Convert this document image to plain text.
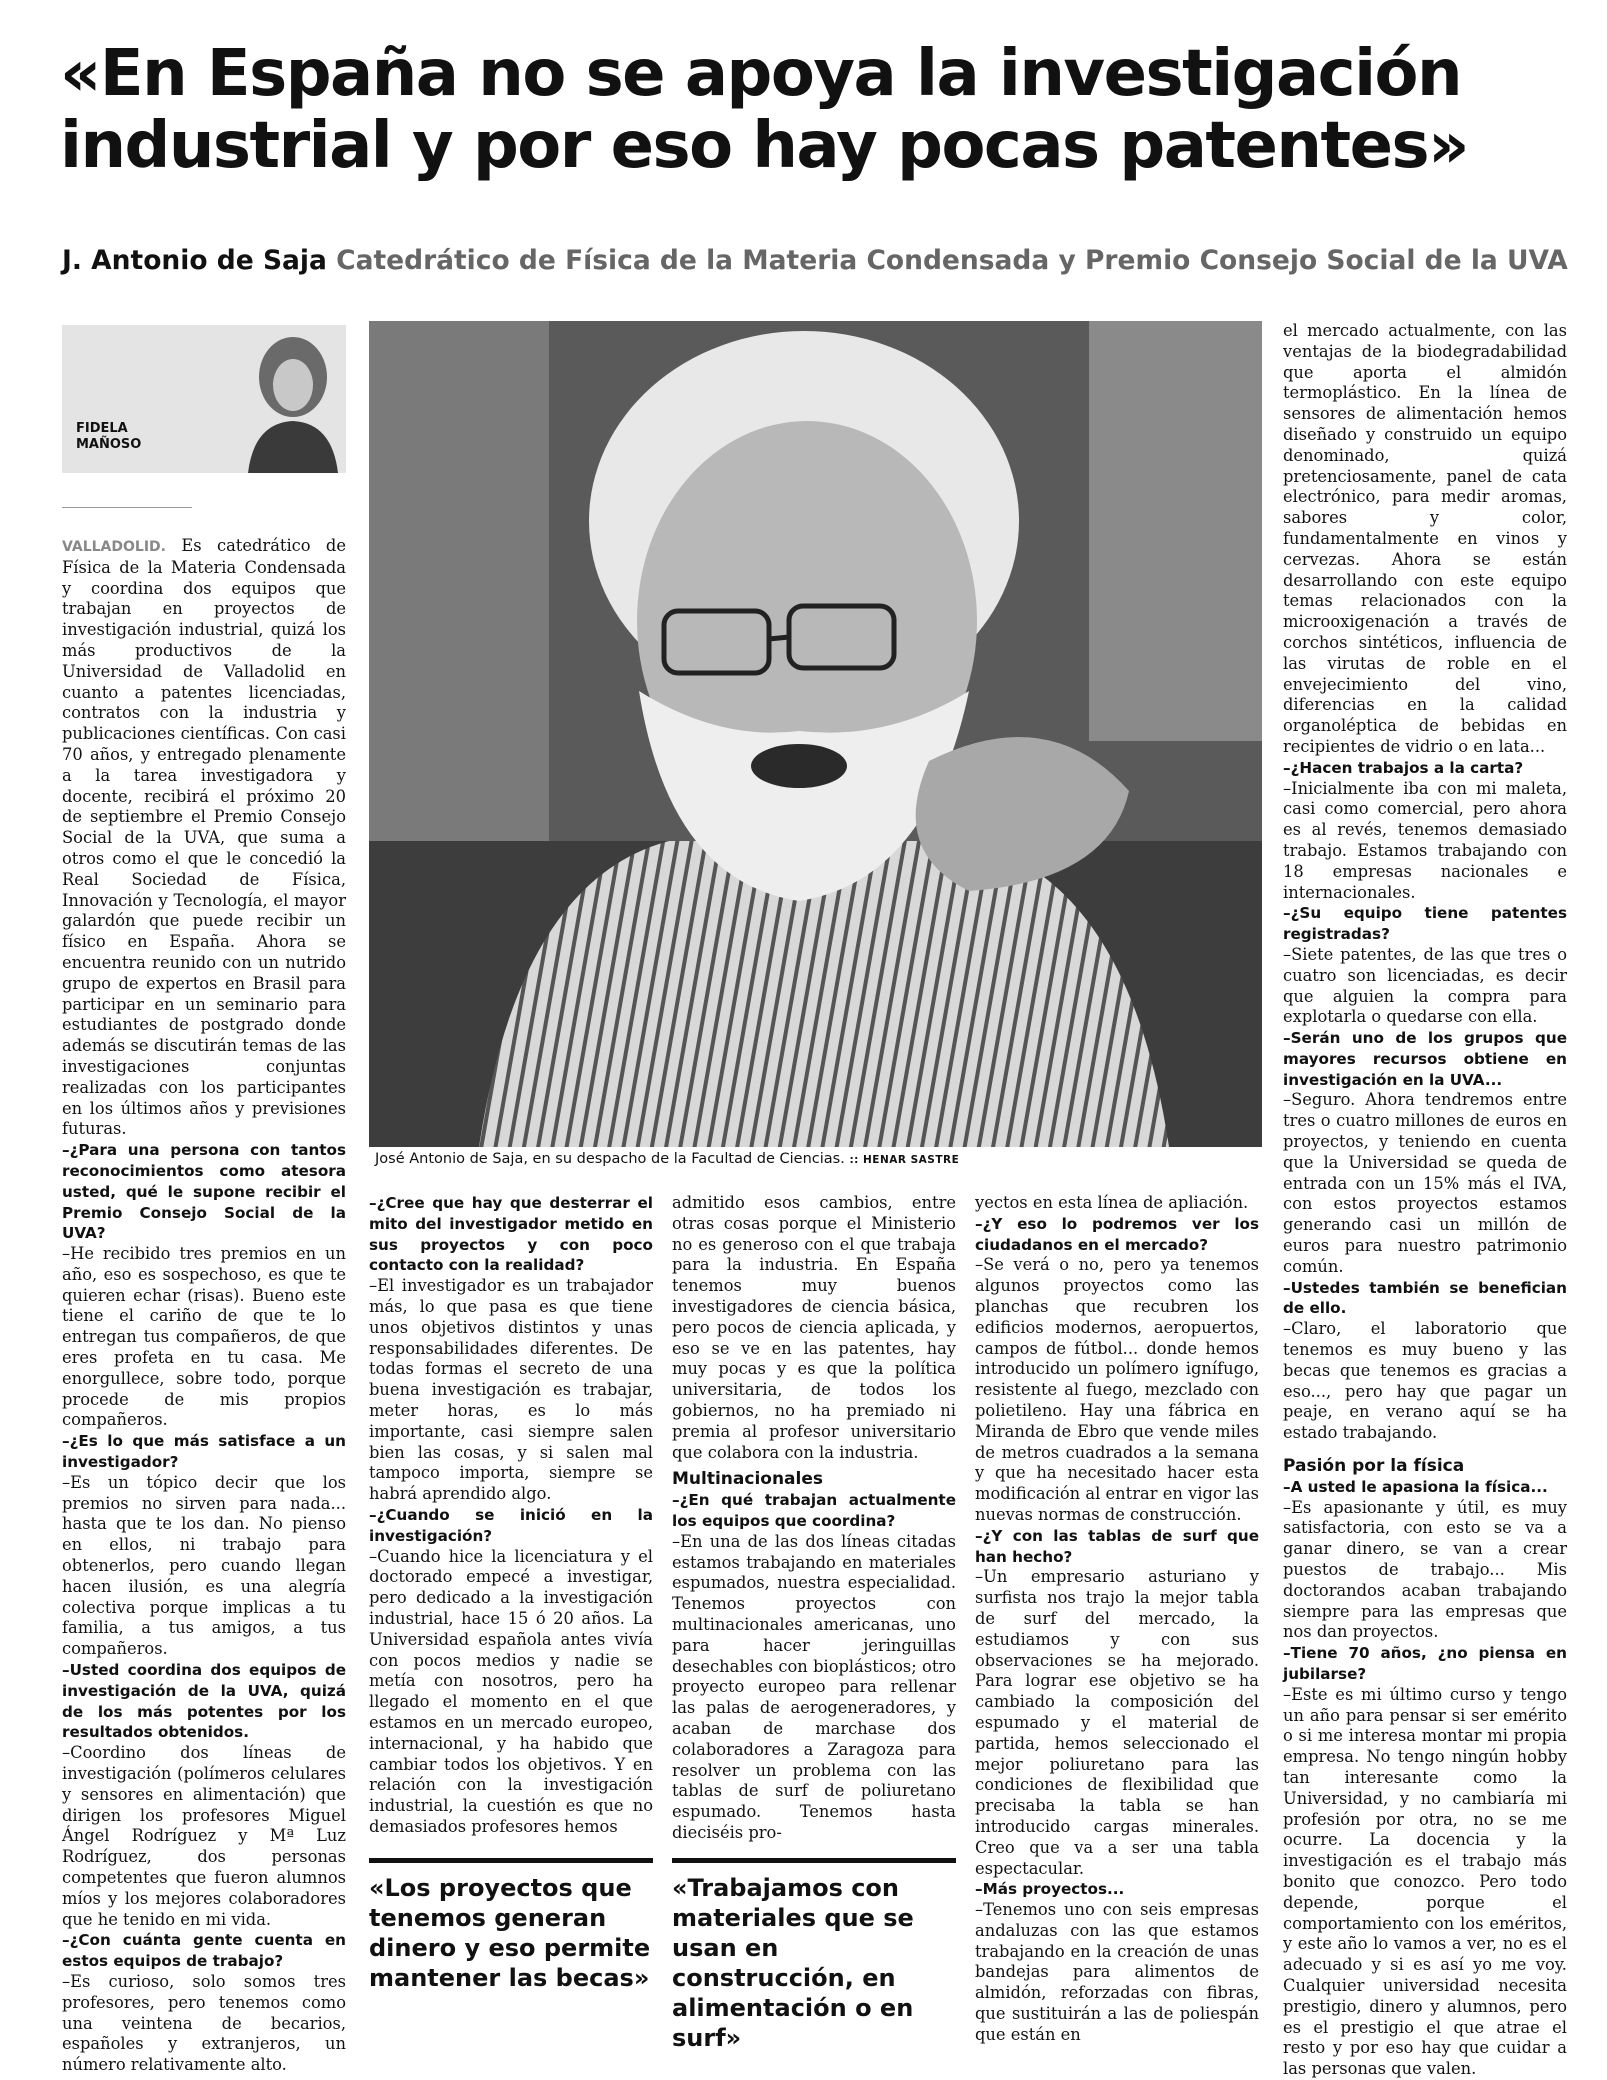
«En España no se apoya la investigación industrial y por eso hay pocas patentes»
J. Antonio de Saja Catedrático de Física de la Materia Condensada y Premio Consejo Social de la UVA
FIDELA MAÑOSO
José Antonio de Saja, en su despacho de la Facultad de Ciencias. :: HENAR SASTRE

VALLADOLID. Es catedrático de Física de la Materia Condensada y coordina dos equipos que trabajan en proyectos de investigación industrial, quizá los más productivos de la Universidad de Valladolid en cuanto a patentes licenciadas, contratos con la industria y publicaciones científicas. Con casi 70 años, y entregado plenamente a la tarea investigadora y docente, recibirá el próximo 20 de septiembre el Premio Consejo Social de la UVA, que suma a otros como el que le concedió la Real Sociedad de Física, Innovación y Tecnología, el mayor galardón que puede recibir un físico en España. Ahora se encuentra reunido con un nutrido grupo de expertos en Brasil para participar en un seminario para estudiantes de postgrado donde además se discutirán temas de las investigaciones conjuntas realizadas con los participantes en los últimos años y previsiones futuras.

–¿Para una persona con tantos reconocimientos como atesora usted, qué le supone recibir el Premio Consejo Social de la UVA?

–He recibido tres premios en un año, eso es sospechoso, es que te quieren echar (risas). Bueno este tiene el cariño de que te lo entregan tus compañeros, de que eres profeta en tu casa. Me enorgullece, sobre todo, porque procede de mis propios compañeros.

–¿Es lo que más satisface a un investigador?

–Es un tópico decir que los premios no sirven para nada... hasta que te los dan. No pienso en ellos, ni trabajo para obtenerlos, pero cuando llegan hacen ilusión, es una alegría colectiva porque implicas a tu familia, a tus amigos, a tus compañeros.

–Usted coordina dos equipos de investigación de la UVA, quizá de los más potentes por los resultados obtenidos.

–Coordino dos líneas de investigación (polímeros celulares y sensores en alimentación) que dirigen los profesores Miguel Ángel Rodríguez y Mª Luz Rodríguez, dos personas competentes que fueron alumnos míos y los mejores colaboradores que he tenido en mi vida.

–¿Con cuánta gente cuenta en estos equipos de trabajo?

–Es curioso, solo somos tres profesores, pero tenemos como una veintena de becarios, españoles y extranjeros, un número relativamente alto.

–¿Cree que hay que desterrar el mito del investigador metido en sus proyectos y con poco contacto con la realidad?

–El investigador es un trabajador más, lo que pasa es que tiene unos objetivos distintos y unas responsabilidades diferentes. De todas formas el secreto de una buena investigación es trabajar, meter horas, es lo más importante, casi siempre salen bien las cosas, y si salen mal tampoco importa, siempre se habrá aprendido algo.

–¿Cuando se inició en la investigación?

–Cuando hice la licenciatura y el doctorado empecé a investigar, pero dedicado a la investigación industrial, hace 15 ó 20 años. La Universidad española antes vivía con pocos medios y nadie se metía con nosotros, pero ha llegado el momento en el que estamos en un mercado europeo, internacional, y ha habido que cambiar todos los objetivos. Y en relación con la investigación industrial, la cuestión es que no demasiados profesores hemos

«Los proyectos que tenemos generan dinero y eso permite mantener las becas»

admitido esos cambios, entre otras cosas porque el Ministerio no es generoso con el que trabaja para la industria. En España tenemos muy buenos investigadores de ciencia básica, pero pocos de ciencia aplicada, y eso se ve en las patentes, hay muy pocas y es que la política universitaria, de todos los gobiernos, no ha premiado ni premia al profesor universitario que colabora con la industria.

Multinacionales

–¿En qué trabajan actualmente los equipos que coordina?

–En una de las dos líneas citadas estamos trabajando en materiales espumados, nuestra especialidad. Tenemos proyectos con multinacionales americanas, uno para hacer jeringuillas desechables con bioplásticos; otro proyecto europeo para rellenar las palas de aerogeneradores, y acaban de marchase dos colaboradores a Zaragoza para resolver un problema con las tablas de surf de poliuretano espumado. Tenemos hasta dieciséis pro-

«Trabajamos con materiales que se usan en construcción, en alimentación o en surf»

yectos en esta línea de apliación.

–¿Y eso lo podremos ver los ciudadanos en el mercado?

–Se verá o no, pero ya tenemos algunos proyectos como las planchas que recubren los edificios modernos, aeropuertos, campos de fútbol... donde hemos introducido un polímero ignífugo, resistente al fuego, mezclado con polietileno. Hay una fábrica en Miranda de Ebro que vende miles de metros cuadrados a la semana y que ha necesitado hacer esta modificación al entrar en vigor las nuevas normas de construcción.

–¿Y con las tablas de surf que han hecho?

–Un empresario asturiano y surfista nos trajo la mejor tabla de surf del mercado, la estudiamos y con sus observaciones se ha mejorado. Para lograr ese objetivo se ha cambiado la composición del espumado y el material de partida, hemos seleccionado el mejor poliuretano para las condiciones de flexibilidad que precisaba la tabla se han introducido cargas minerales. Creo que va a ser una tabla espectacular.

–Más proyectos...

–Tenemos uno con seis empresas andaluzas con las que estamos trabajando en la creación de unas bandejas para alimentos de almidón, reforzadas con fibras, que sustituirán a las de poliespán que están en

el mercado actualmente, con las ventajas de la biodegradabilidad que aporta el almidón termoplástico. En la línea de sensores de alimentación hemos diseñado y construido un equipo denominado, quizá pretenciosamente, panel de cata electrónico, para medir aromas, sabores y color, fundamentalmente en vinos y cervezas. Ahora se están desarrollando con este equipo temas relacionados con la microoxigenación a través de corchos sintéticos, influencia de las virutas de roble en el envejecimiento del vino, diferencias en la calidad organoléptica de bebidas en recipientes de vidrio o en lata...

–¿Hacen trabajos a la carta?

–Inicialmente iba con mi maleta, casi como comercial, pero ahora es al revés, tenemos demasiado trabajo. Estamos trabajando con 18 empresas nacionales e internacionales.

–¿Su equipo tiene patentes registradas?

–Siete patentes, de las que tres o cuatro son licenciadas, es decir que alguien la compra para explotarla o quedarse con ella.

–Serán uno de los grupos que mayores recursos obtiene en investigación en la UVA...

–Seguro. Ahora tendremos entre tres o cuatro millones de euros en proyectos, y teniendo en cuenta que la Universidad se queda de entrada con un 15% más el IVA, con estos proyectos estamos generando casi un millón de euros para nuestro patrimonio común.

–Ustedes también se benefician de ello.

–Claro, el laboratorio que tenemos es muy bueno y las becas que tenemos es gracias a eso..., pero hay que pagar un peaje, en verano aquí se ha estado trabajando.

Pasión por la física

–A usted le apasiona la física...

–Es apasionante y útil, es muy satisfactoria, con esto se va a ganar dinero, se van a crear puestos de trabajo... Mis doctorandos acaban trabajando siempre para las empresas que nos dan proyectos.

–Tiene 70 años, ¿no piensa en jubilarse?

–Este es mi último curso y tengo un año para pensar si ser emérito o si me interesa montar mi propia empresa. No tengo ningún hobby tan interesante como la Universidad, y no cambiaría mi profesión por otra, no se me ocurre. La docencia y la investigación es el trabajo más bonito que conozco. Pero todo depende, porque el comportamiento con los eméritos, y este año lo vamos a ver, no es el adecuado y si es así yo me voy. Cualquier universidad necesita prestigio, dinero y alumnos, pero es el prestigio el que atrae el resto y por eso hay que cuidar a las personas que valen.
